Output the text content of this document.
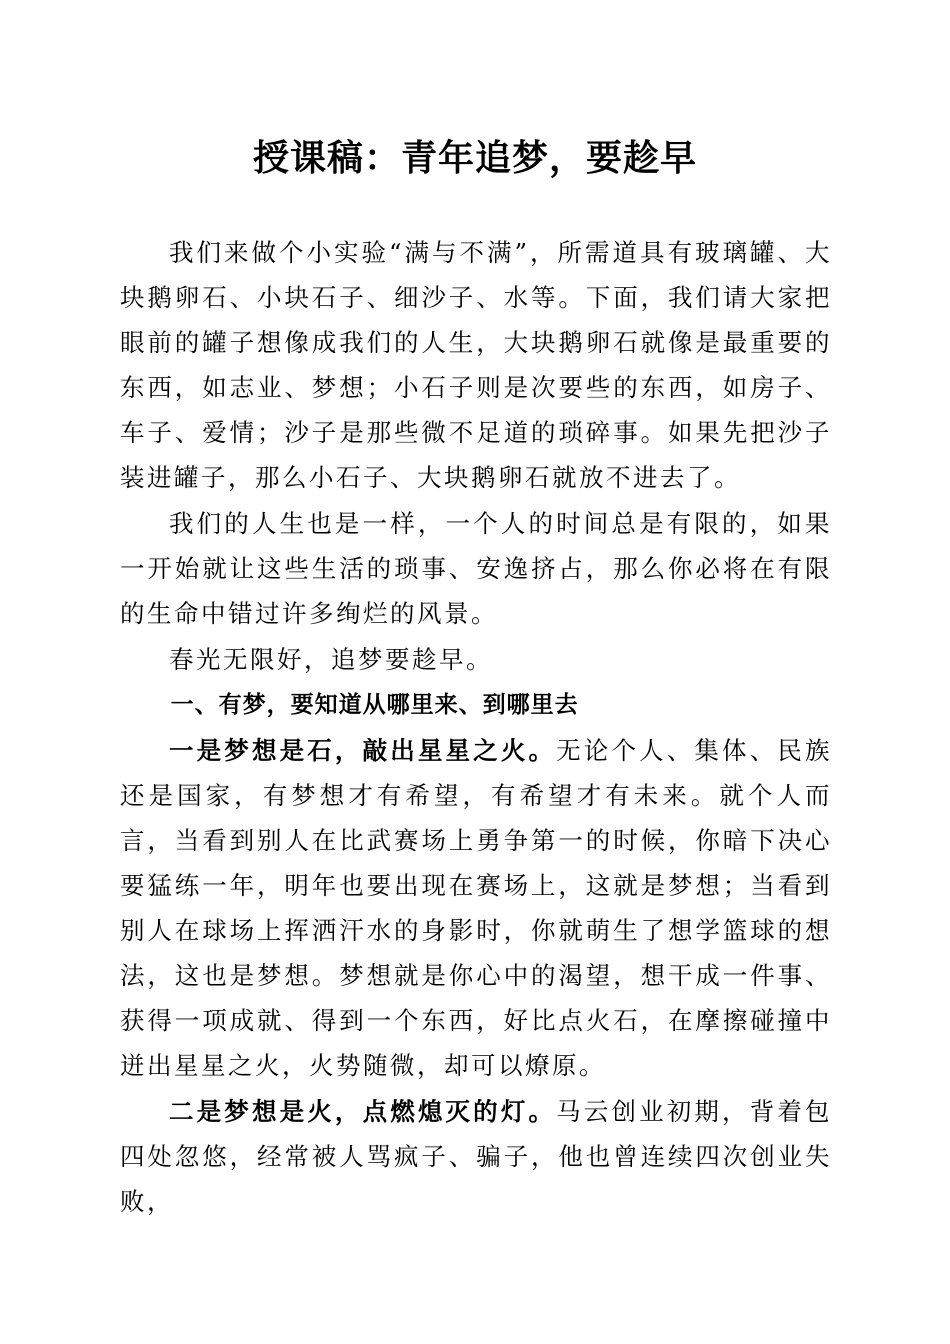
授课稿：青年追梦，要趁早

我们来做个小实验“满与不满”，所需道具有玻璃罐、大块鹅卵石、小块石子、细沙子、水等。下面，我们请大家把眼前的罐子想像成我们的人生，大块鹅卵石就像是最重要的东西，如志业、梦想；小石子则是次要些的东西，如房子、车子、爱情；沙子是那些微不足道的琐碎事。如果先把沙子装进罐子，那么小石子、大块鹅卵石就放不进去了。

我们的人生也是一样，一个人的时间总是有限的，如果一开始就让这些生活的琐事、安逸挤占，那么你必将在有限的生命中错过许多绚烂的风景。

春光无限好，追梦要趁早。

一、有梦，要知道从哪里来、到哪里去

一是梦想是石，敲出星星之火。无论个人、集体、民族还是国家，有梦想才有希望，有希望才有未来。就个人而言，当看到别人在比武赛场上勇争第一的时候，你暗下决心要猛练一年，明年也要出现在赛场上，这就是梦想；当看到别人在球场上挥洒汗水的身影时，你就萌生了想学篮球的想法，这也是梦想。梦想就是你心中的渴望，想干成一件事、获得一项成就、得到一个东西，好比点火石，在摩擦碰撞中迸出星星之火，火势随微，却可以燎原。

二是梦想是火，点燃熄灭的灯。马云创业初期，背着包四处忽悠，经常被人骂疯子、骗子，他也曾连续四次创业失败，
